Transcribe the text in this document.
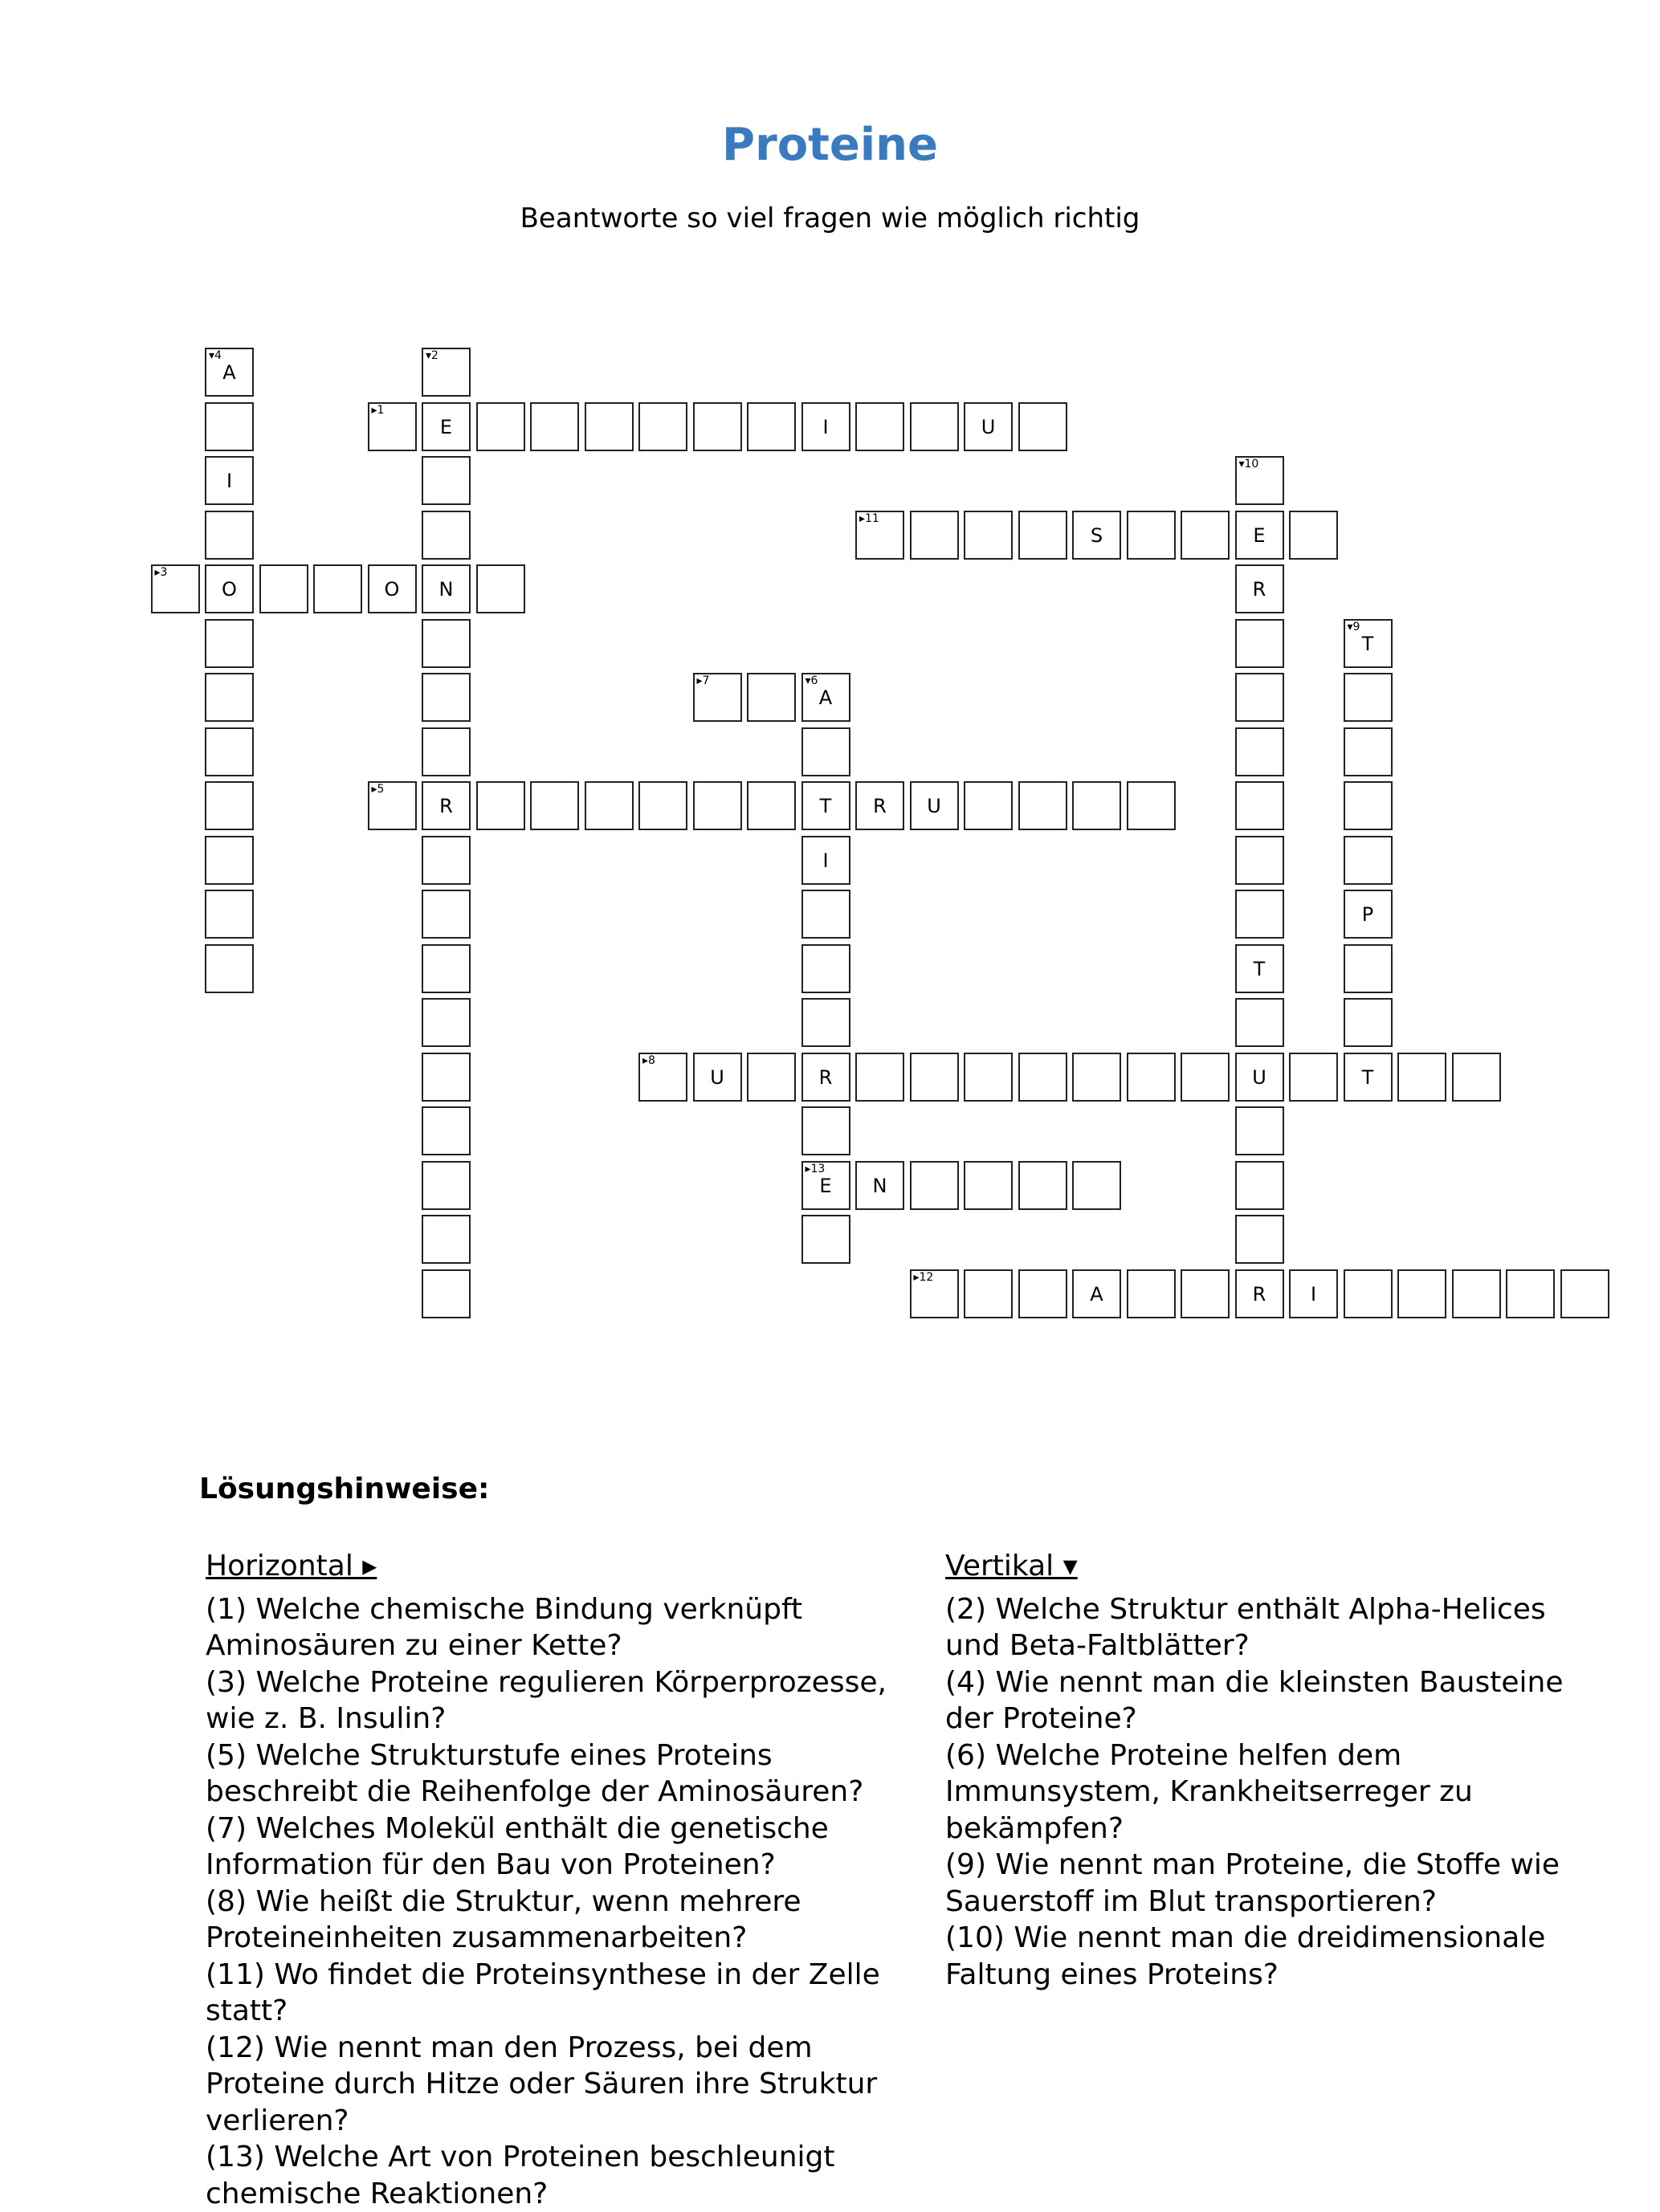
Proteine
Beantworte so viel fragen wie möglich richtig
▾4
A
I
O
▾2
E
N
R
▸1
I	U
▾10
E
R
T
U
R
▸11
S
▸3
O
▾9
T
P
T
▸7	▾6
A
T
I
R
▸13
E
▸5
R	U
▸8
U
N
▸12
A	I
Lösungshinweise:
Horizontal ▸
(1) Welche chemische Bindung verknüpft Aminosäuren zu einer Kette?
(3) Welche Proteine regulieren Körperprozesse, wie z. B. Insulin?
(5) Welche Strukturstufe eines Proteins beschreibt die Reihenfolge der Aminosäuren?
(7) Welches Molekül enthält die genetische Information für den Bau von Proteinen?
(8) Wie heißt die Struktur, wenn mehrere Proteineinheiten zusammenarbeiten?
(11) Wo findet die Proteinsynthese in der Zelle statt?
(12) Wie nennt man den Prozess, bei dem Proteine durch Hitze oder Säuren ihre Struktur verlieren?
(13) Welche Art von Proteinen beschleunigt chemische Reaktionen?
Vertikal ▾
(2) Welche Struktur enthält Alpha-Helices und Beta-Faltblätter?
(4) Wie nennt man die kleinsten Bausteine der Proteine?
(6) Welche Proteine helfen dem Immunsystem, Krankheitserreger zu bekämpfen?
(9) Wie nennt man Proteine, die Stoffe wie Sauerstoff im Blut transportieren?
(10) Wie nennt man die dreidimensionale Faltung eines Proteins?
